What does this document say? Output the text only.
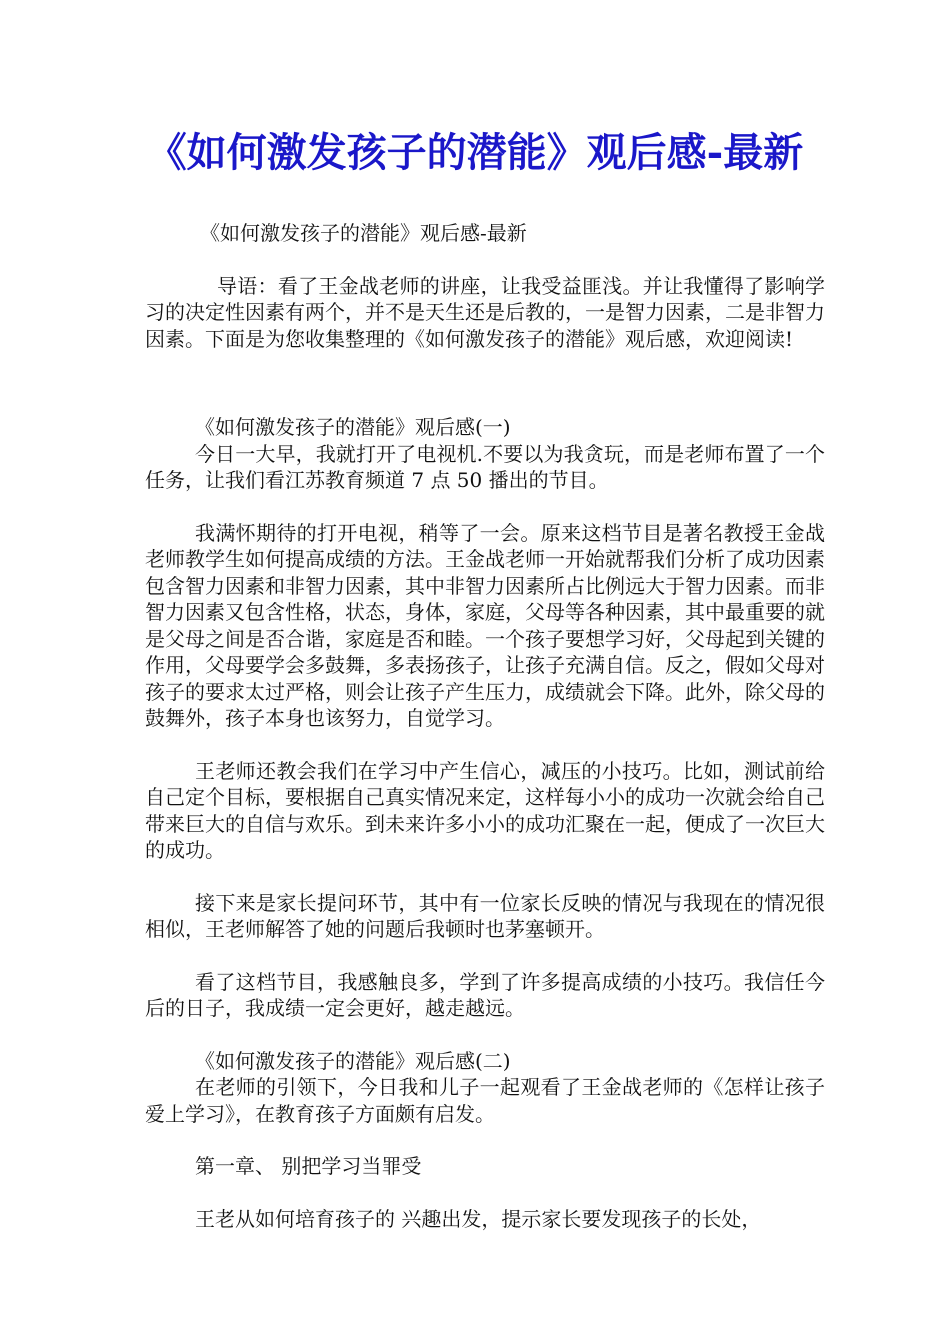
《如何激发孩子的潜能》观后感-最新

《如何激发孩子的潜能》观后感-最新

导语：看了王金战老师的讲座，让我受益匪浅。并让我懂得了影响学习的决定性因素有两个，并不是天生还是后教的，一是智力因素，二是非智力因素。下面是为您收集整理的《如何激发孩子的潜能》观后感，欢迎阅读!

《如何激发孩子的潜能》观后感(一)

今日一大早，我就打开了电视机.不要以为我贪玩，而是老师布置了一个任务，让我们看江苏教育频道 7 点 50 播出的节目。

我满怀期待的打开电视，稍等了一会。原来这档节目是著名教授王金战老师教学生如何提高成绩的方法。王金战老师一开始就帮我们分析了成功因素包含智力因素和非智力因素，其中非智力因素所占比例远大于智力因素。而非智力因素又包含性格，状态，身体，家庭，父母等各种因素，其中最重要的就是父母之间是否合谐，家庭是否和睦。一个孩子要想学习好，父母起到关键的作用，父母要学会多鼓舞，多表扬孩子，让孩子充满自信。反之，假如父母对孩子的要求太过严格，则会让孩子产生压力，成绩就会下降。此外，除父母的鼓舞外，孩子本身也该努力，自觉学习。

王老师还教会我们在学习中产生信心，减压的小技巧。比如，测试前给自己定个目标，要根据自己真实情况来定，这样每小小的成功一次就会给自己带来巨大的自信与欢乐。到未来许多小小的成功汇聚在一起，便成了一次巨大的成功。

接下来是家长提问环节，其中有一位家长反映的情况与我现在的情况很相似，王老师解答了她的问题后我顿时也茅塞顿开。

看了这档节目，我感触良多，学到了许多提高成绩的小技巧。我信任今后的日子，我成绩一定会更好，越走越远。

《如何激发孩子的潜能》观后感(二)

在老师的引领下，今日我和儿子一起观看了王金战老师的《怎样让孩子爱上学习》，在教育孩子方面颇有启发。

第一章、 别把学习当罪受

王老从如何培育孩子的 兴趣出发，提示家长要发现孩子的长处，
